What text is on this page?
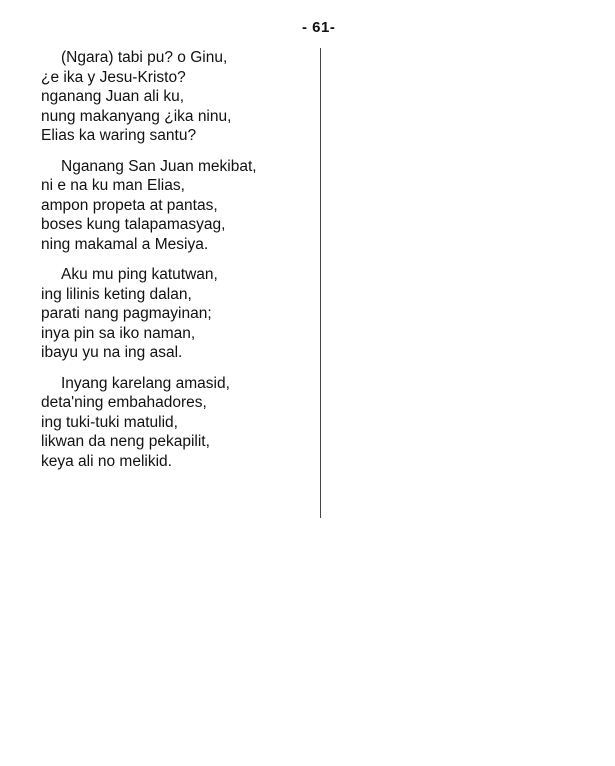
- 61-

(Ngara) tabi pu? o Ginu,
¿e ika y Jesu-Kristo?
nganang Juan ali ku,
nung makanyang ¿ika ninu,
Elias ka waring santu?
Nganang San Juan mekibat,
ni e na ku man Elias,
ampon propeta at pantas,
boses kung talapamasyag,
ning makamal a Mesiya.
Aku mu ping katutwan,
ing lilinis keting dalan,
parati nang pagmayinan;
inya pin sa iko naman,
ibayu yu na ing asal.
Inyang karelang amasid,
deta'ning embahadores,
ing tuki-tuki matulid,
likwan da neng pekapilit,
keya ali no melikid.
